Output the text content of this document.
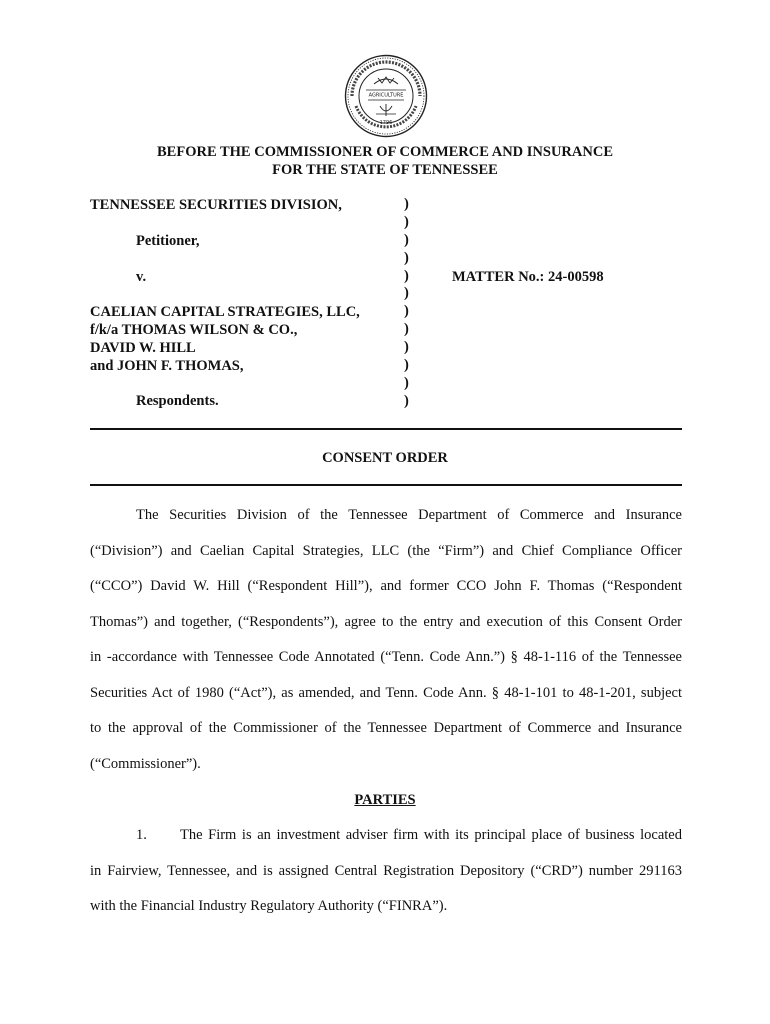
AGRICULTURE
1796
BEFORE THE COMMISSIONER OF COMMERCE AND INSURANCE
FOR THE STATE OF TENNESSEE
TENNESSEE SECURITIES DIVISION,
Petitioner,
v.
CAELIAN CAPITAL STRATEGIES, LLC,
f/k/a THOMAS WILSON & CO.,
DAVID W. HILL
and JOHN F. THOMAS,
Respondents.
)
)
)
)
)
)
)
)
)
)
)
)
MATTER No.: 24-00598
CONSENT ORDER
The Securities Division of the Tennessee Department of Commerce and Insurance
(“Division”) and Caelian Capital Strategies, LLC (the “Firm”) and Chief Compliance Officer
(“CCO”) David W. Hill (“Respondent Hill”), and former CCO John F. Thomas (“Respondent
Thomas”) and together, (“Respondents”), agree to the entry and execution of this Consent Order
in -accordance with Tennessee Code Annotated (“Tenn. Code Ann.”) § 48-1-116 of the Tennessee
Securities Act of 1980 (“Act”), as amended, and Tenn. Code Ann. § 48-1-101 to 48-1-201, subject
to the approval of the Commissioner of the Tennessee Department of Commerce and Insurance
(“Commissioner”).
PARTIES
1. The Firm is an investment adviser firm with its principal place of business located
in Fairview, Tennessee, and is assigned Central Registration Depository (“CRD”) number 291163
with the Financial Industry Regulatory Authority (“FINRA”).
